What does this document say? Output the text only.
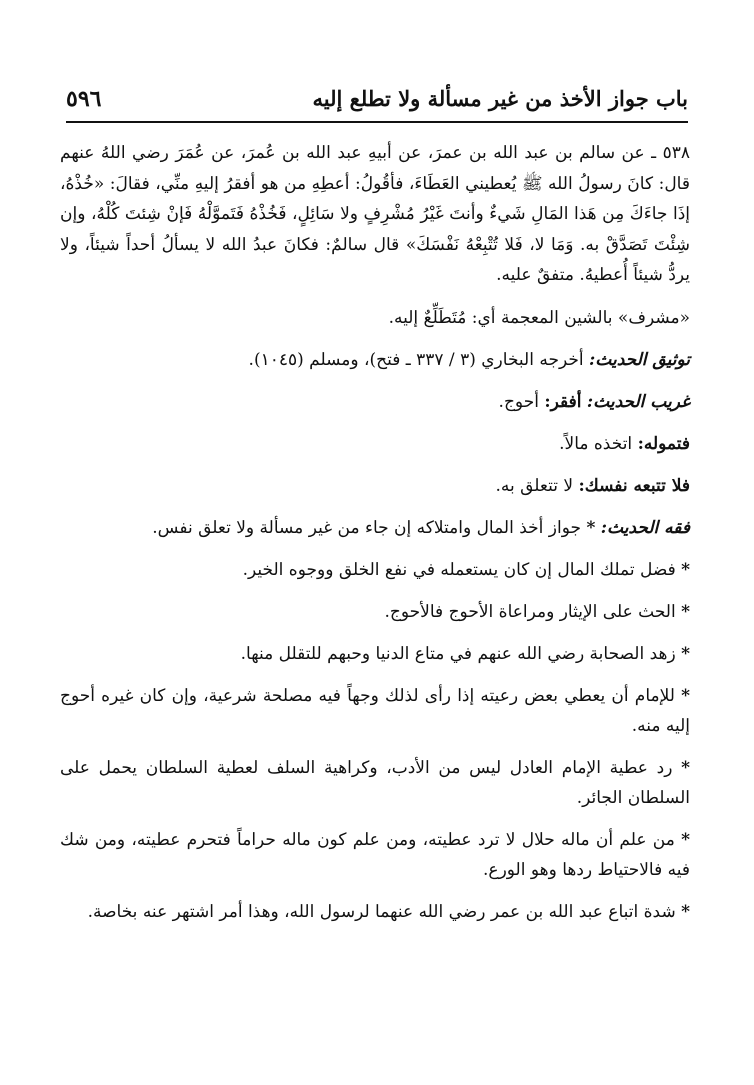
باب جواز الأخذ من غير مسألة ولا تطلع إليه
٥٩٦

٥٣٨ ـ عن سالم بن عبد الله بن عمرَ، عن أبيهِ عبد الله بن عُمرَ، عن عُمَرَ رضي اللهُ عنهم قال: كانَ رسولُ الله ﷺ يُعطيني العَطَاءَ، فأقُولُ: أعطِهِ من هو أفقرُ إليهِ منِّي، فقالَ: «خُذْهُ، إذَا جاءَكَ مِن هَذا المَالِ شَيءٌ وأنتَ غَيْرُ مُشْرِفٍ ولا سَائِلٍ، فَخُذْهُ فَتَموَّلْهُ فَإنْ شِئتَ كُلْهُ، وإن شِئْتَ تَصَدَّقْ به. وَمَا لا، فَلا تُتْبِعْهُ نَفْسَكَ» قال سالمٌ: فكانَ عبدُ الله لا يسألُ أحداً شيئاً، ولا يردُّ شيئاً أُعطيهُ. متفقٌ عليه.

«مشرف» بالشين المعجمة أي: مُتَطَلِّعٌ إليه.

توثيق الحديث: أخرجه البخاري (٣ / ٣٣٧ ـ فتح)، ومسلم (١٠٤٥).

غريب الحديث: أفقر: أحوج.

فتموله: اتخذه مالاً.

فلا تتبعه نفسك: لا تتعلق به.

فقه الحديث: * جواز أخذ المال وامتلاكه إن جاء من غير مسألة ولا تعلق نفس.

* فضل تملك المال إن كان يستعمله في نفع الخلق ووجوه الخير.

* الحث على الإيثار ومراعاة الأحوج فالأحوج.

* زهد الصحابة رضي الله عنهم في متاع الدنيا وحبهم للتقلل منها.

* للإمام أن يعطي بعض رعيته إذا رأى لذلك وجهاً فيه مصلحة شرعية، وإن كان غيره أحوج إليه منه.

* رد عطية الإمام العادل ليس من الأدب، وكراهية السلف لعطية السلطان يحمل على السلطان الجائر.

* من علم أن ماله حلال لا ترد عطيته، ومن علم كون ماله حراماً فتحرم عطيته، ومن شك فيه فالاحتياط ردها وهو الورع.

* شدة اتباع عبد الله بن عمر رضي الله عنهما لرسول الله، وهذا أمر اشتهر عنه بخاصة.
